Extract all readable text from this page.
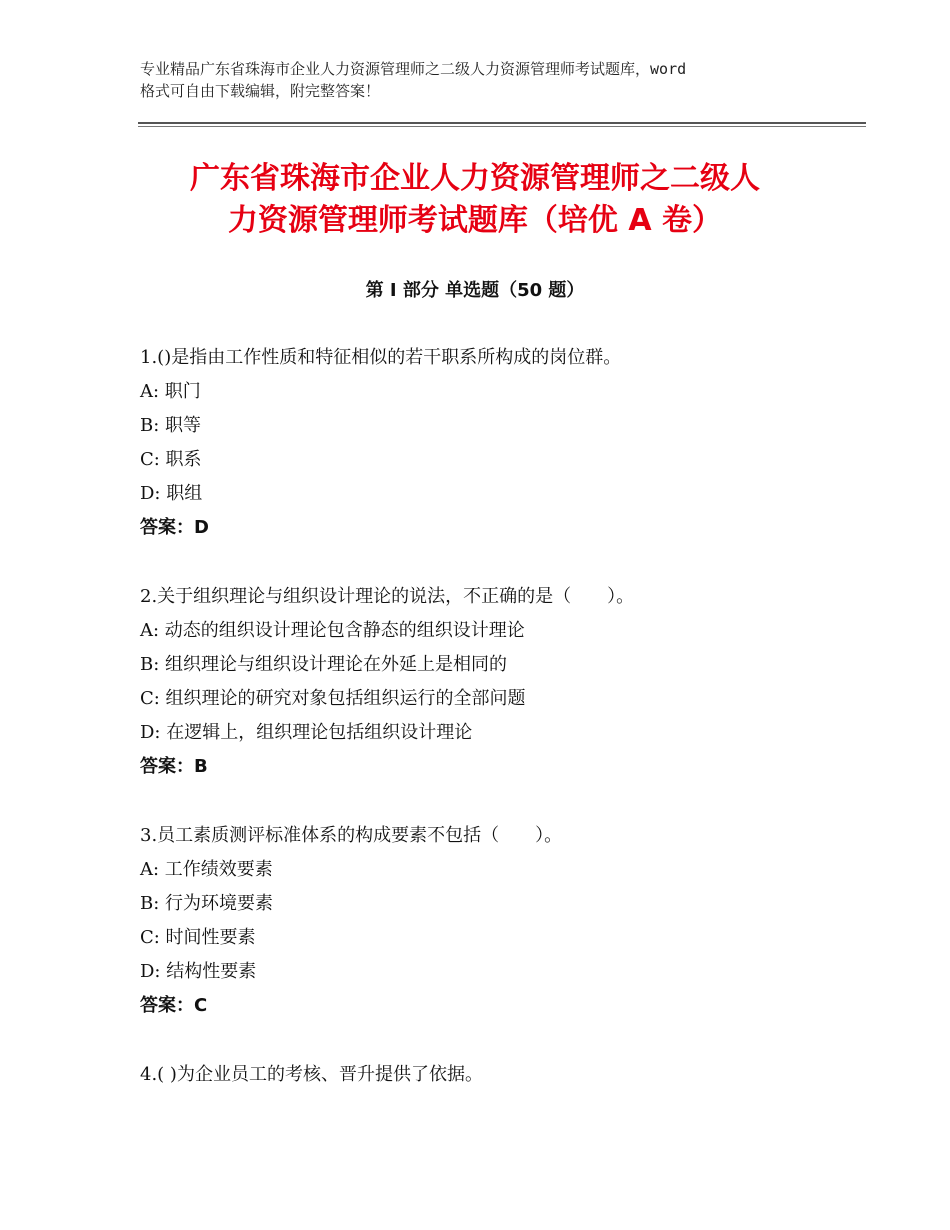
专业精品广东省珠海市企业人力资源管理师之二级人力资源管理师考试题库，word
格式可自由下载编辑，附完整答案！
广东省珠海市企业人力资源管理师之二级人
力资源管理师考试题库（培优 A 卷）
第 I 部分 单选题（50 题）
1.()是指由工作性质和特征相似的若干职系所构成的岗位群。
A: 职门
B: 职等
C: 职系
D: 职组
答案：D
2.关于组织理论与组织设计理论的说法，不正确的是（　　）。
A: 动态的组织设计理论包含静态的组织设计理论
B: 组织理论与组织设计理论在外延上是相同的
C: 组织理论的研究对象包括组织运行的全部问题
D: 在逻辑上，组织理论包括组织设计理论
答案：B
3.员工素质测评标准体系的构成要素不包括（　　）。
A: 工作绩效要素
B: 行为环境要素
C: 时间性要素
D: 结构性要素
答案：C
4.( )为企业员工的考核、晋升提供了依据。
